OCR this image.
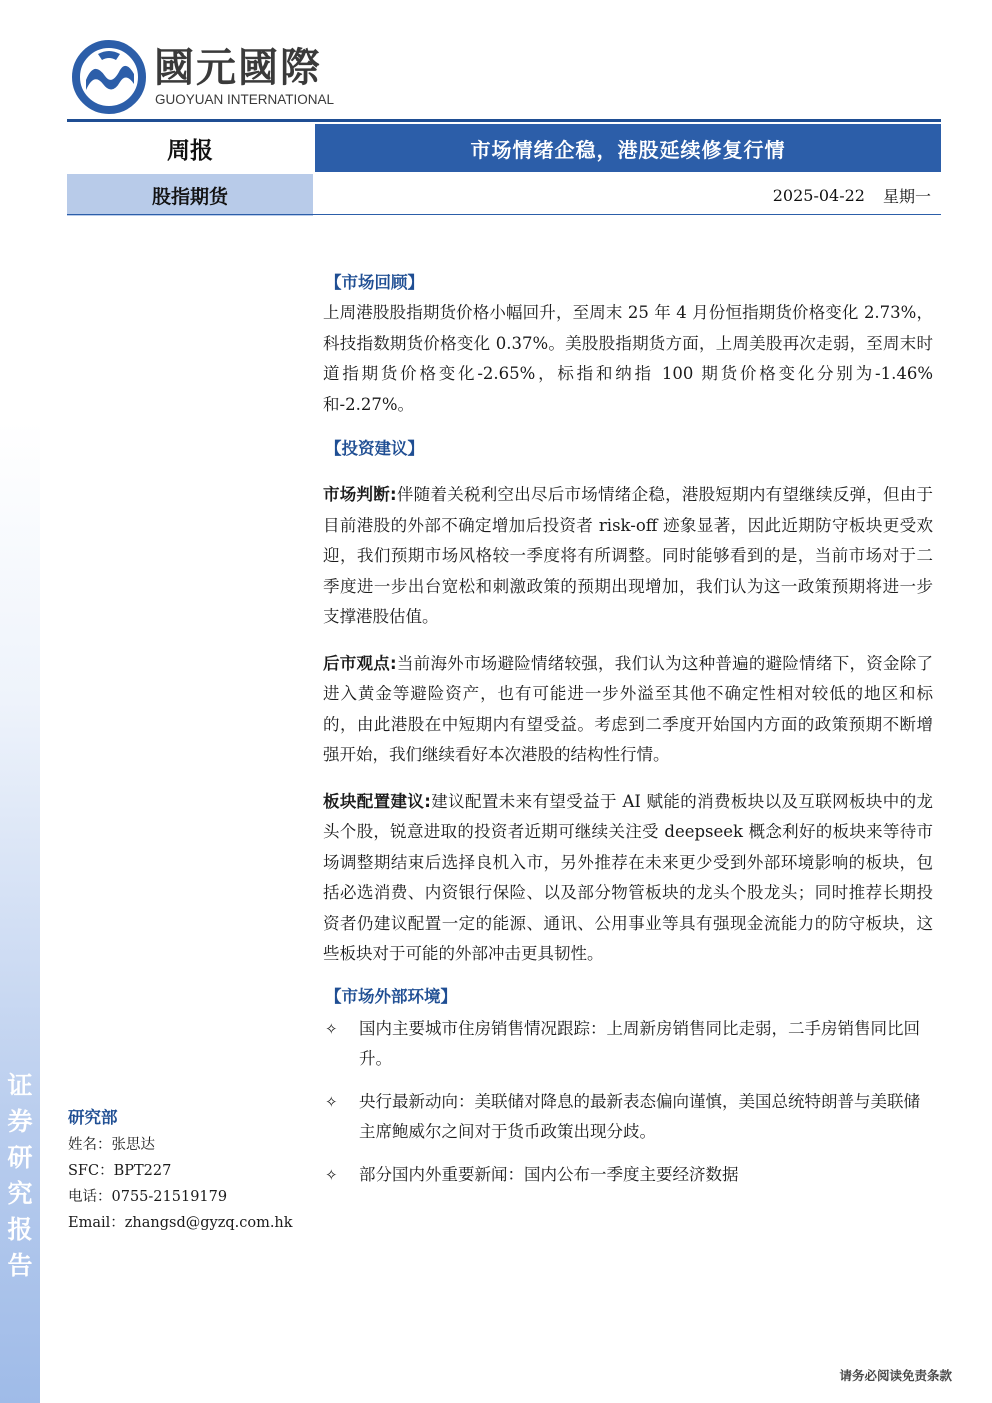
证
券
研
究
报
告
國元國際
GUOYUAN INTERNATIONAL
周报	市场情绪企稳，港股延续修复行情
股指期货	2025-04-22 星期一
【市场回顾】

上周港股股指期货价格小幅回升，至周末 25 年 4 月份恒指期货价格变化 2.73%，科技指数期货价格变化 0.37%。美股股指期货方面，上周美股再次走弱，至周末时道指期货价格变化-2.65%，标指和纳指 100 期货价格变化分别为-1.46%和-2.27%。

【投资建议】

市场判断:伴随着关税利空出尽后市场情绪企稳，港股短期内有望继续反弹，但由于目前港股的外部不确定增加后投资者 risk-off 迹象显著，因此近期防守板块更受欢迎，我们预期市场风格较一季度将有所调整。同时能够看到的是，当前市场对于二季度进一步出台宽松和刺激政策的预期出现增加，我们认为这一政策预期将进一步支撑港股估值。

后市观点:当前海外市场避险情绪较强，我们认为这种普遍的避险情绪下，资金除了进入黄金等避险资产，也有可能进一步外溢至其他不确定性相对较低的地区和标的，由此港股在中短期内有望受益。考虑到二季度开始国内方面的政策预期不断增强开始，我们继续看好本次港股的结构性行情。

板块配置建议:建议配置未来有望受益于 AI 赋能的消费板块以及互联网板块中的龙头个股，锐意进取的投资者近期可继续关注受 deepseek 概念利好的板块来等待市场调整期结束后选择良机入市，另外推荐在未来更少受到外部环境影响的板块，包括必选消费、内资银行保险、以及部分物管板块的龙头个股龙头；同时推荐长期投资者仍建议配置一定的能源、通讯、公用事业等具有强现金流能力的防守板块，这些板块对于可能的外部冲击更具韧性。

【市场外部环境】
✧ 国内主要城市住房销售情况跟踪：上周新房销售同比走弱，二手房销售同比回升。
✧ 央行最新动向：美联储对降息的最新表态偏向谨慎，美国总统特朗普与美联储主席鲍威尔之间对于货币政策出现分歧。
✧ 部分国内外重要新闻：国内公布一季度主要经济数据
研究部
姓名：张思达
SFC：BPT227
电话：0755-21519179
Email：zhangsd@gyzq.com.hk
请务必阅读免责条款
